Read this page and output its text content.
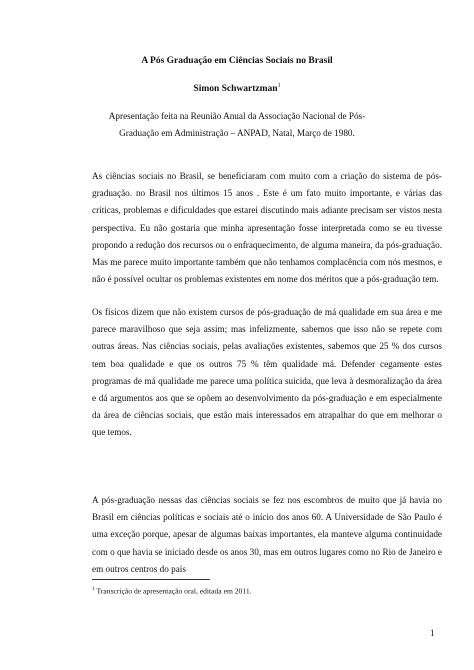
A Pós Graduação em Ciências Sociais no Brasil
Simon Schwartzman$^1$
Apresentação feita na Reunião Anual da Associação Nacional de Pós-Graduação em Administração – ANPAD, Natal, Março de 1980.

As ciências sociais no Brasil, se beneficiaram com muito com a criação do sistema de pós-graduação. no Brasil nos últimos 15 anos . Este é um fato muito importante, e várias das críticas, problemas e dificuldades que estarei discutindo mais adiante precisam ser vistos nesta perspectiva. Eu não gostaria que minha apresentação fosse interpretada como se eu tivesse propondo a redução dos recursos ou o enfraquecimento, de alguma maneira, da pós-graduação. Mas me parece muito importante também que não tenhamos complacência com nós mesmos, e não é possível ocultar os problemas existentes em nome dos méritos que a pós-graduação tem.

Os físicos dizem que não existem cursos de pós-graduação de má qualidade em sua área e me parece maravilhoso que seja assim; mas infelizmente, sabemos que isso não se repete com outras áreas. Nas ciências sociais, pelas avaliações existentes, sabemos que 25 % dos cursos tem boa qualidade e que os outros 75 % têm qualidade má. Defender cegamente estes programas de má qualidade me parece uma política suicida, que leva à desmoralização da área e dá argumentos aos que se opõem ao desenvolvimento da pós-graduação e em especialmente da área de ciências sociais, que estão mais interessados em atrapalhar do que em melhorar o que temos.

A pós-graduação nessas das ciências sociais se fez nos escombros de muito que já havia no Brasil em ciências políticas e sociais até o início dos anos 60. A Universidade de São Paulo é uma exceção porque, apesar de algumas baixas importantes, ela manteve alguma continuidade com o que havia se iniciado desde os anos 30, mas em outros lugares como no Rio de Janeiro e em outros centros do país

$^1$ Transcrição de apresentação oral, editada em 2011.
1
